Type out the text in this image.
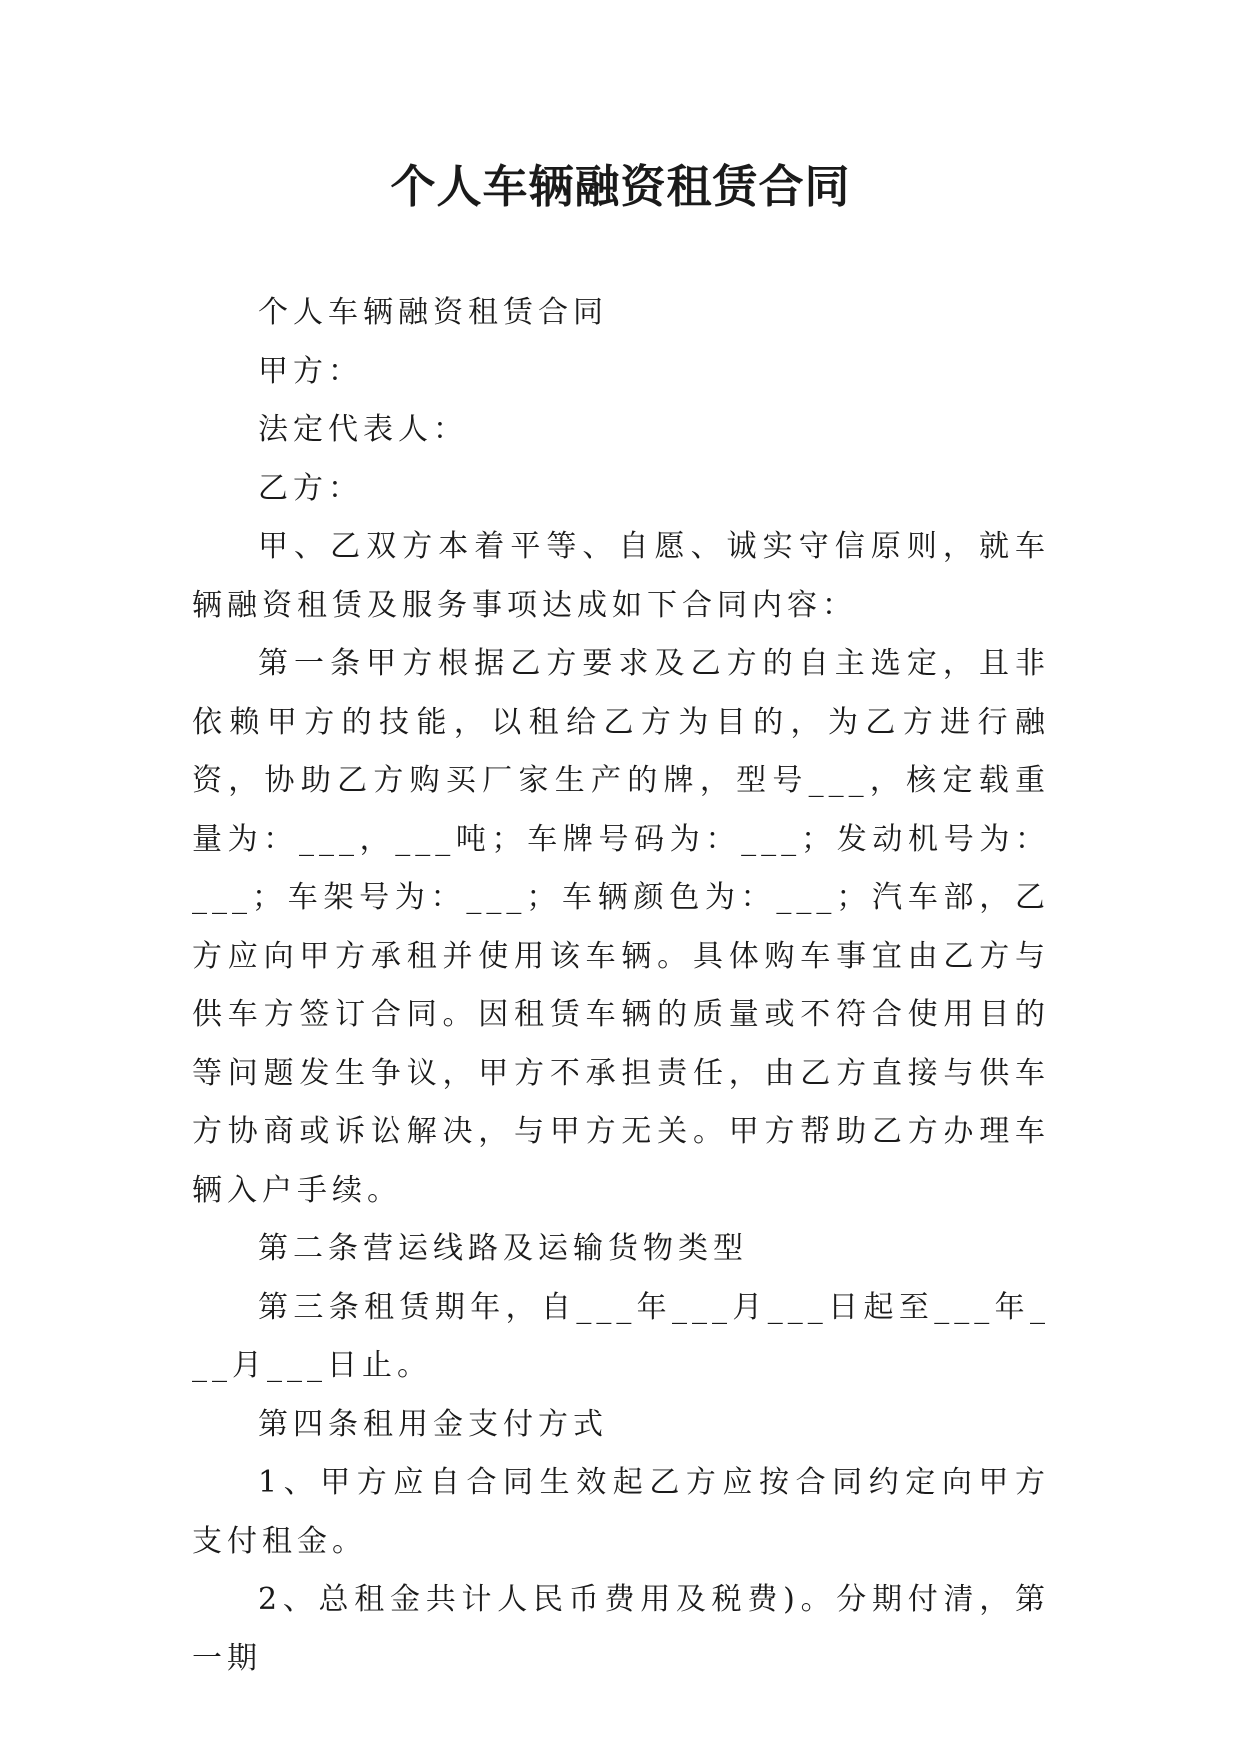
个人车辆融资租赁合同

个人车辆融资租赁合同

甲方：

法定代表人：

乙方：

甲、乙双方本着平等、自愿、诚实守信原则，就车辆融资租赁及服务事项达成如下合同内容：

第一条甲方根据乙方要求及乙方的自主选定，且非依赖甲方的技能，以租给乙方为目的，为乙方进行融资，协助乙方购买厂家生产的牌，型号___，核定载重量为：___，___吨；车牌号码为：___；发动机号为：___；车架号为：___；车辆颜色为：___；汽车部，乙方应向甲方承租并使用该车辆。具体购车事宜由乙方与供车方签订合同。因租赁车辆的质量或不符合使用目的等问题发生争议，甲方不承担责任，由乙方直接与供车方协商或诉讼解决，与甲方无关。甲方帮助乙方办理车辆入户手续。

第二条营运线路及运输货物类型

第三条租赁期年，自___年___月___日起至___年___月___日止。

第四条租用金支付方式

1、甲方应自合同生效起乙方应按合同约定向甲方支付租金。

2、总租金共计人民币费用及税费)。分期付清，第一期
